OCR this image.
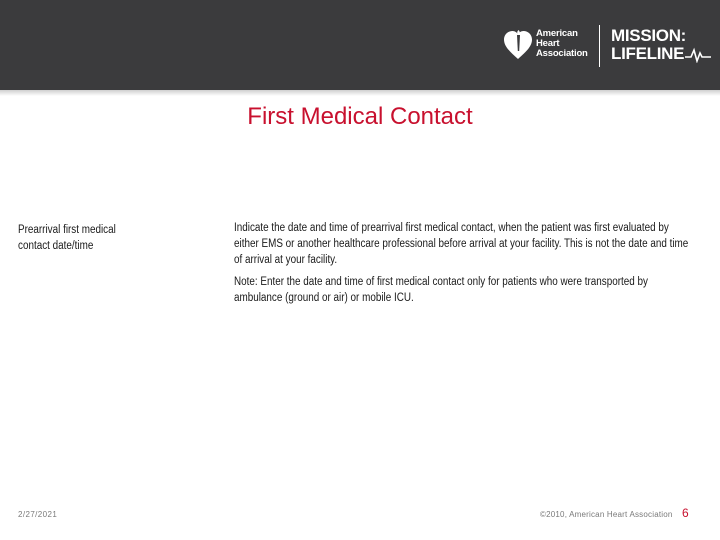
American
Heart
Association
MISSION:
LIFELINE
First Medical Contact
Prearrival first medical contact date/time

Indicate the date and time of prearrival first medical contact, when the patient was first evaluated by either EMS or another healthcare professional before arrival at your facility. This is not the date and time of arrival at your facility.

Note: Enter the date and time of first medical contact only for patients who were transported by ambulance (ground or air) or mobile ICU.

2/27/2021	©2010, American Heart Association 6
